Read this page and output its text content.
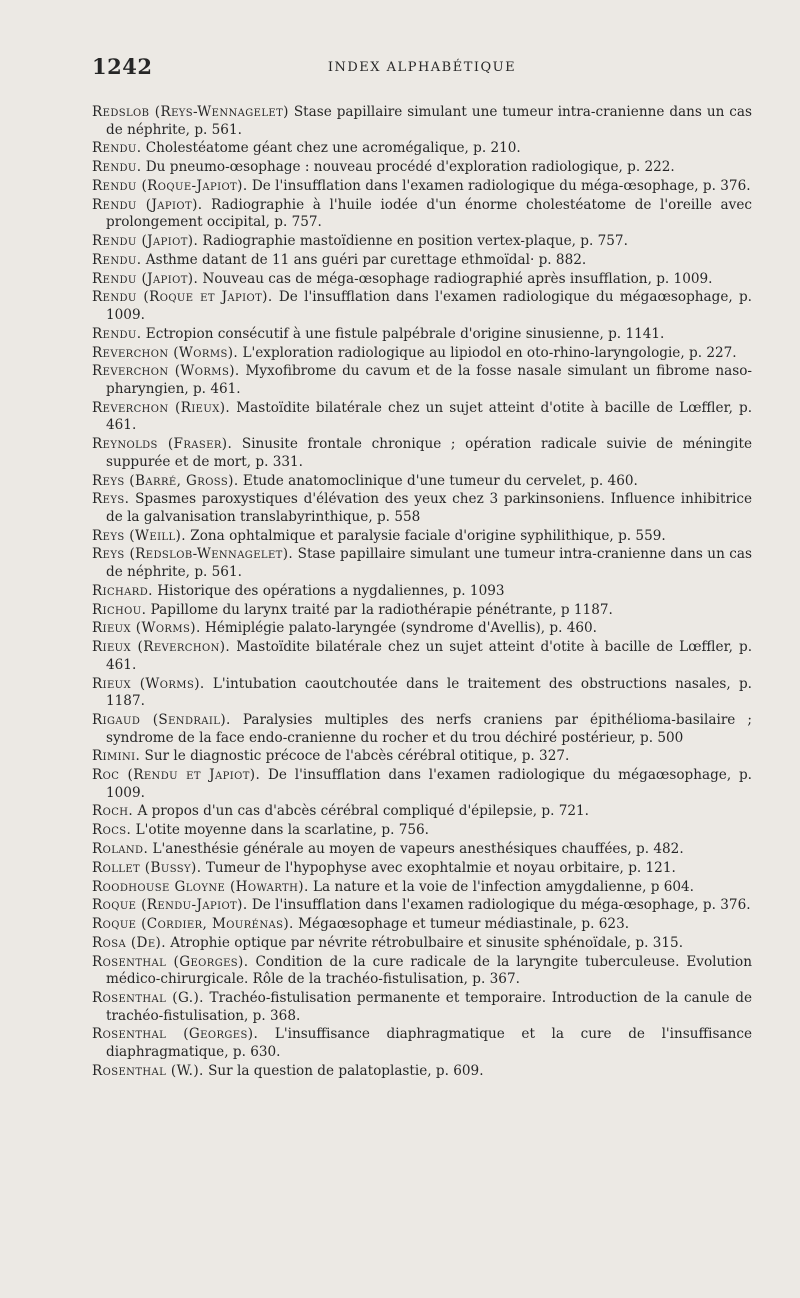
1242	INDEX ALPHABÉTIQUE

Redslob (Reys-Wennagelet) Stase papillaire simulant une tumeur intra-cranienne dans un cas de néphrite, p. 561.

Rendu. Cholestéatome géant chez une acromégalique, p. 210.

Rendu. Du pneumo-œsophage : nouveau procédé d'exploration radiologique, p. 222.

Rendu (Roque-Japiot). De l'insufflation dans l'examen radiologique du méga-œsophage, p. 376.

Rendu (Japiot). Radiographie à l'huile iodée d'un énorme cholestéatome de l'oreille avec prolongement occipital, p. 757.

Rendu (Japiot). Radiographie mastoïdienne en position vertex-plaque, p. 757.

Rendu. Asthme datant de 11 ans guéri par curettage ethmoïdal· p. 882.

Rendu (Japiot). Nouveau cas de méga-œsophage radiographié après insufflation, p. 1009.

Rendu (Roque et Japiot). De l'insufflation dans l'examen radiologique du mégaœsophage, p. 1009.

Rendu. Ectropion consécutif à une fistule palpébrale d'origine sinusienne, p. 1141.

Reverchon (Worms). L'exploration radiologique au lipiodol en oto-rhino-laryngologie, p. 227.

Reverchon (Worms). Myxofibrome du cavum et de la fosse nasale simulant un fibrome naso-pharyngien, p. 461.

Reverchon (Rieux). Mastoïdite bilatérale chez un sujet atteint d'otite à bacille de Lœffler, p. 461.

Reynolds (Fraser). Sinusite frontale chronique ; opération radicale suivie de méningite suppurée et de mort, p. 331.

Reys (Barré, Gross). Etude anatomoclinique d'une tumeur du cervelet, p. 460.

Reys. Spasmes paroxystiques d'élévation des yeux chez 3 parkinsoniens. Influence inhibitrice de la galvanisation translabyrinthique, p. 558

Reys (Weill). Zona ophtalmique et paralysie faciale d'origine syphilithique, p. 559.

Reys (Redslob-Wennagelet). Stase papillaire simulant une tumeur intra-cranienne dans un cas de néphrite, p. 561.

Richard. Historique des opérations a nygdaliennes, p. 1093

Richou. Papillome du larynx traité par la radiothérapie pénétrante, p 1187.

Rieux (Worms). Hémiplégie palato-laryngée (syndrome d'Avellis), p. 460.

Rieux (Reverchon). Mastoïdite bilatérale chez un sujet atteint d'otite à bacille de Lœffler, p. 461.

Rieux (Worms). L'intubation caoutchoutée dans le traitement des obstructions nasales, p. 1187.

Rigaud (Sendrail). Paralysies multiples des nerfs craniens par épithélioma-basilaire ; syndrome de la face endo-cranienne du rocher et du trou déchiré postérieur, p. 500

Rimini. Sur le diagnostic précoce de l'abcès cérébral otitique, p. 327.

Roc (Rendu et Japiot). De l'insufflation dans l'examen radiologique du mégaœsophage, p. 1009.

Roch. A propos d'un cas d'abcès cérébral compliqué d'épilepsie, p. 721.

Rocs. L'otite moyenne dans la scarlatine, p. 756.

Roland. L'anesthésie générale au moyen de vapeurs anesthésiques chauffées, p. 482.

Rollet (Bussy). Tumeur de l'hypophyse avec exophtalmie et noyau orbitaire, p. 121.

Roodhouse Gloyne (Howarth). La nature et la voie de l'infection amygdalienne, p 604.

Roque (Rendu-Japiot). De l'insufflation dans l'examen radiologique du méga-œsophage, p. 376.

Roque (Cordier, Mourénas). Mégaœsophage et tumeur médiastinale, p. 623.

Rosa (De). Atrophie optique par névrite rétrobulbaire et sinusite sphénoïdale, p. 315.

Rosenthal (Georges). Condition de la cure radicale de la laryngite tuberculeuse. Evolution médico-chirurgicale. Rôle de la trachéo-fistulisation, p. 367.

Rosenthal (G.). Trachéo-fistulisation permanente et temporaire. Introduction de la canule de trachéo-fistulisation, p. 368.

Rosenthal (Georges). L'insuffisance diaphragmatique et la cure de l'insuffisance diaphragmatique, p. 630.

Rosenthal (W.). Sur la question de palatoplastie, p. 609.
